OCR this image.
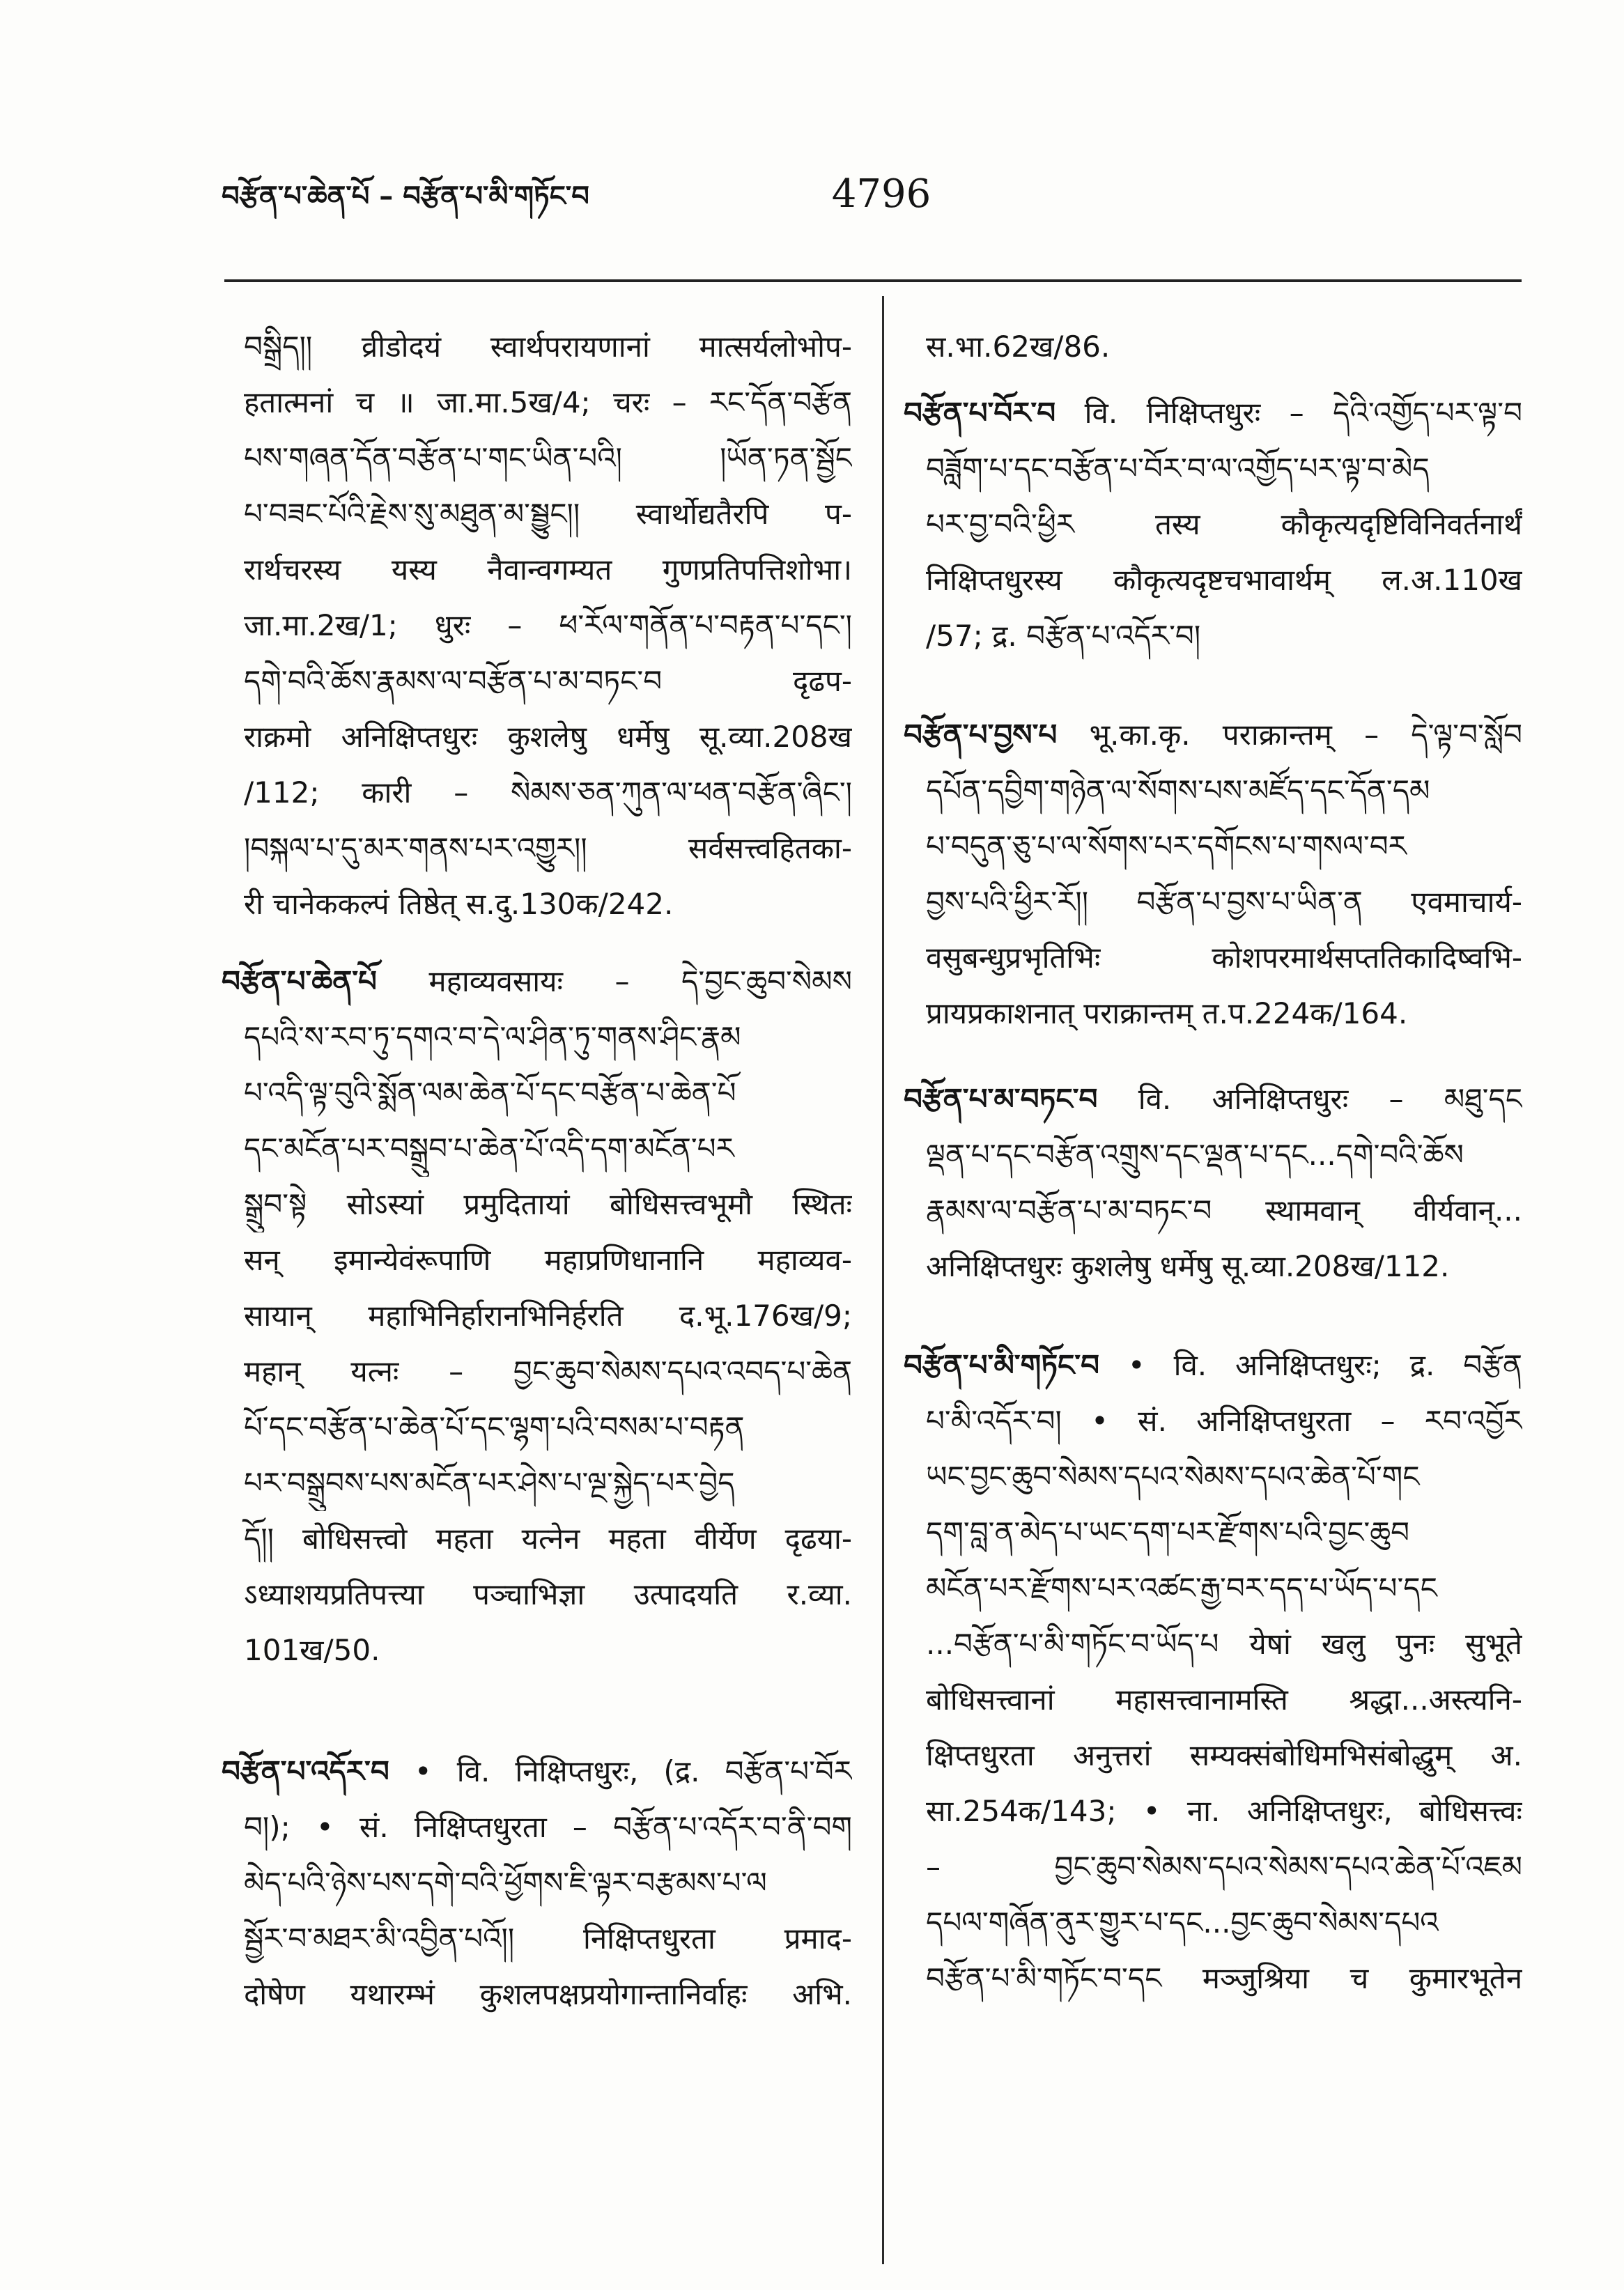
བརྩོན་པ་ཆེན་པོ – བརྩོན་པ་མི་གཏོང་བ	4796
བསྒྲིད།། व्रीडोदयं स्वार्थपरायणानां मात्सर्यलोभोप-
हतात्मनां च ॥ जा.मा.5ख/4; चरः – རང་དོན་བརྩོན
པས་གཞན་དོན་བརྩོན་པ་གང་ཡིན་པའི། །ཡོན་ཏན་སྦྱོང
པ་བཟང་པོའི་རྗེས་སུ་མཐུན་མ་སྦྱུང།། स्वार्थोद्यतैरपि प-
रार्थचरस्य यस्य नैवान्वगम्यत गुणप्रतिपत्तिशोभा।
जा.मा.2ख/1; धुरः – ཕ་རོལ་གནོན་པ་བརྟན་པ་དང་།
དགེ་བའི་ཆོས་རྣམས་ལ་བརྩོན་པ་མ་བཏང་བ दृढप-
राक्रमो अनिक्षिप्तधुरः कुशलेषु धर्मेषु सू.व्या.208ख
/112; कारी – སེམས་ཅན་ཀུན་ལ་ཕན་བརྩོན་ཞིང་།
།བསྐལ་པ་དུ་མར་གནས་པར་འགྱུར།། सर्वसत्त्वहितका-
री चानेककल्पं तिष्ठेत् स.दु.130क/242.
བརྩོན་པ་ཆེན་པོ महाव्यवसायः – དེ་བྱང་ཆུབ་སེམས
དཔའི་ས་རབ་ཏུ་དགའ་བ་དེ་ལ་ཤིན་ཏུ་གནས་ཤིང་རྣམ
པ་འདི་ལྟ་བུའི་སྨོན་ལམ་ཆེན་པོ་དང་བརྩོན་པ་ཆེན་པོ
དང་མངོན་པར་བསྒྲུབ་པ་ཆེན་པོ་འདི་དག་མངོན་པར
སྒྲུབ་སྟེ सोऽस्यां प्रमुदितायां बोधिसत्त्वभूमौ स्थितः
सन् इमान्येवंरूपाणि महाप्रणिधानानि महाव्यव-
सायान् महाभिनिर्हारानभिनिर्हरति द.भू.176ख/9;
महान् यत्नः – བྱང་ཆུབ་སེམས་དཔའ་འབད་པ་ཆེན
པོ་དང་བརྩོན་པ་ཆེན་པོ་དང་ལྷག་པའི་བསམ་པ་བརྟན
པར་བསྒྲུབས་པས་མངོན་པར་ཤེས་པ་ལྔ་སྐྱེད་པར་བྱེད
དོ།། बोधिसत्त्वो महता यत्नेन महता वीर्येण दृढया-
ऽध्याशयप्रतिपत्त्या पञ्चाभिज्ञा उत्पादयति र.व्या.
101ख/50.
བརྩོན་པ་འདོར་བ • वि. निक्षिप्तधुरः, (द्र. བརྩོན་པ་བོར
བ།); • सं. निक्षिप्तधुरता – བརྩོན་པ་འདོར་བ་ནི་བག
མེད་པའི་ཉེས་པས་དགེ་བའི་ཕྱོགས་ཇི་ལྟར་བརྩམས་པ་ལ
སྦྱོར་བ་མཐར་མི་འབྱིན་པའོ།། निक्षिप्तधुरता प्रमाद-
दोषेण यथारम्भं कुशलपक्षप्रयोगान्तानिर्वाहः अभि.
स.भा.62ख/86.
བརྩོན་པ་བོར་བ वि. निक्षिप्तधुरः – དེའི་འགྱོད་པར་ལྟ་བ
བཟློག་པ་དང་བརྩོན་པ་བོར་བ་ལ་འགྱོད་པར་ལྟ་བ་མེད
པར་བྱ་བའི་ཕྱིར तस्य कौकृत्यदृष्टिविनिवर्तनार्थं
निक्षिप्तधुरस्य कौकृत्यदृष्टचभावार्थम् ल.अ.110ख
/57; द्र. བརྩོན་པ་འདོར་བ།
བརྩོན་པ་བྱས་པ भू.का.कृ. पराक्रान्तम् – དེ་ལྟ་བ་སློབ
དཔོན་དབྱིག་གཉེན་ལ་སོགས་པས་མཛོད་དང་དོན་དམ
པ་བདུན་ཅུ་པ་ལ་སོགས་པར་དགོངས་པ་གསལ་བར
བྱས་པའི་ཕྱིར་རོ།། བརྩོན་པ་བྱས་པ་ཡིན་ན एवमाचार्य-
वसुबन्धुप्रभृतिभिः कोशपरमार्थसप्ततिकादिष्वभि-
प्रायप्रकाशनात् पराक्रान्तम् त.प.224क/164.
བརྩོན་པ་མ་བཏང་བ वि. अनिक्षिप्तधुरः – མཐུ་དང
ལྡན་པ་དང་བརྩོན་འགྲུས་དང་ལྡན་པ་དང...དགེ་བའི་ཆོས
རྣམས་ལ་བརྩོན་པ་མ་བཏང་བ स्थामवान् वीर्यवान्...
अनिक्षिप्तधुरः कुशलेषु धर्मेषु सू.व्या.208ख/112.
བརྩོན་པ་མི་གཏོང་བ • वि. अनिक्षिप्तधुरः; द्र. བརྩོན
པ་མི་འདོར་བ། • सं. अनिक्षिप्तधुरता – རབ་འབྱོར
ཡང་བྱང་ཆུབ་སེམས་དཔའ་སེམས་དཔའ་ཆེན་པོ་གང
དག་བླ་ན་མེད་པ་ཡང་དག་པར་རྫོགས་པའི་བྱང་ཆུབ
མངོན་པར་རྫོགས་པར་འཚང་རྒྱ་བར་དད་པ་ཡོད་པ་དང
...བརྩོན་པ་མི་གཏོང་བ་ཡོད་པ येषां खलु पुनः सुभूते
बोधिसत्त्वानां महासत्त्वानामस्ति श्रद्धा...अस्त्यनि-
क्षिप्तधुरता अनुत्तरां सम्यक्संबोधिमभिसंबोद्धुम् अ.
सा.254क/143; • ना. अनिक्षिप्तधुरः, बोधिसत्त्वः
– བྱང་ཆུབ་སེམས་དཔའ་སེམས་དཔའ་ཆེན་པོ་འཇམ
དཔལ་གཞོན་ནུར་གྱུར་པ་དང...བྱང་ཆུབ་སེམས་དཔའ
བརྩོན་པ་མི་གཏོང་བ་དང मञ्जुश्रिया च कुमारभूतेन
